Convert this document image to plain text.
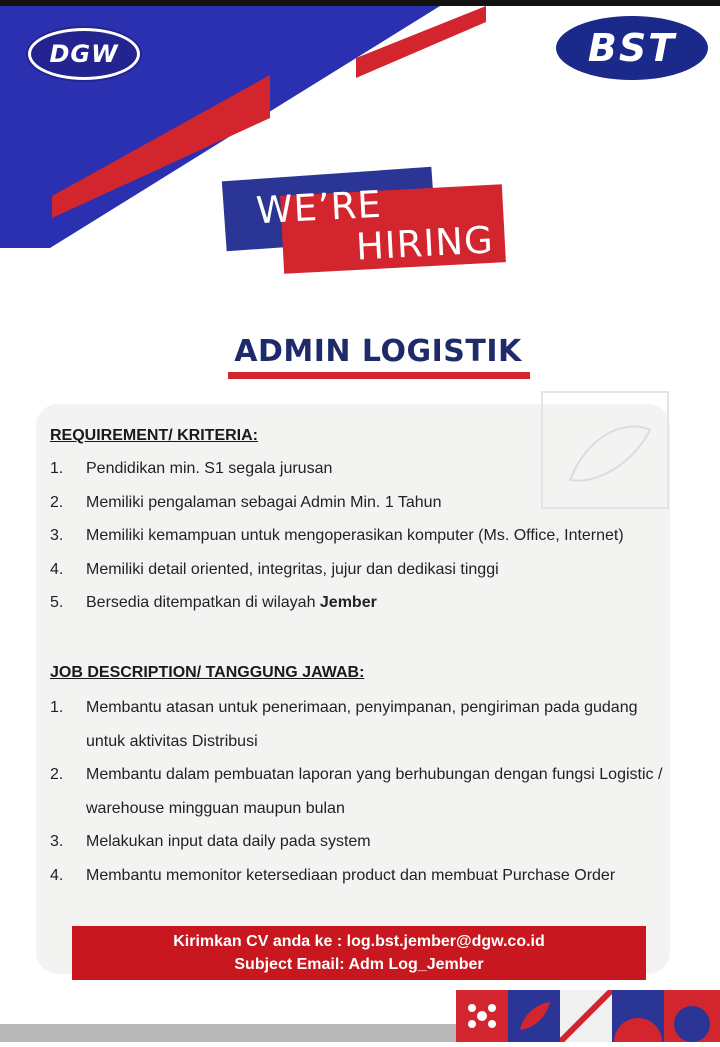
DGW	BST
WE’RE
HIRING
ADMIN LOGISTIK
REQUIREMENT/ KRITERIA:
1. Pendidikan min. S1 segala jurusan
2. Memiliki pengalaman sebagai Admin Min. 1 Tahun
3. Memiliki kemampuan untuk mengoperasikan komputer (Ms. Office, Internet)
4. Memiliki detail oriented, integritas, jujur dan dedikasi tinggi
5. Bersedia ditempatkan di wilayah Jember
JOB DESCRIPTION/ TANGGUNG JAWAB:
1. Membantu atasan untuk penerimaan, penyimpanan, pengiriman pada gudang untuk aktivitas Distribusi
2. Membantu dalam pembuatan laporan yang berhubungan dengan fungsi Logistic / warehouse mingguan maupun bulan
3. Melakukan input data daily pada system
4. Membantu memonitor ketersediaan product dan membuat Purchase Order
Kirimkan CV anda ke : log.bst.jember@dgw.co.id
Subject Email: Adm Log_Jember
